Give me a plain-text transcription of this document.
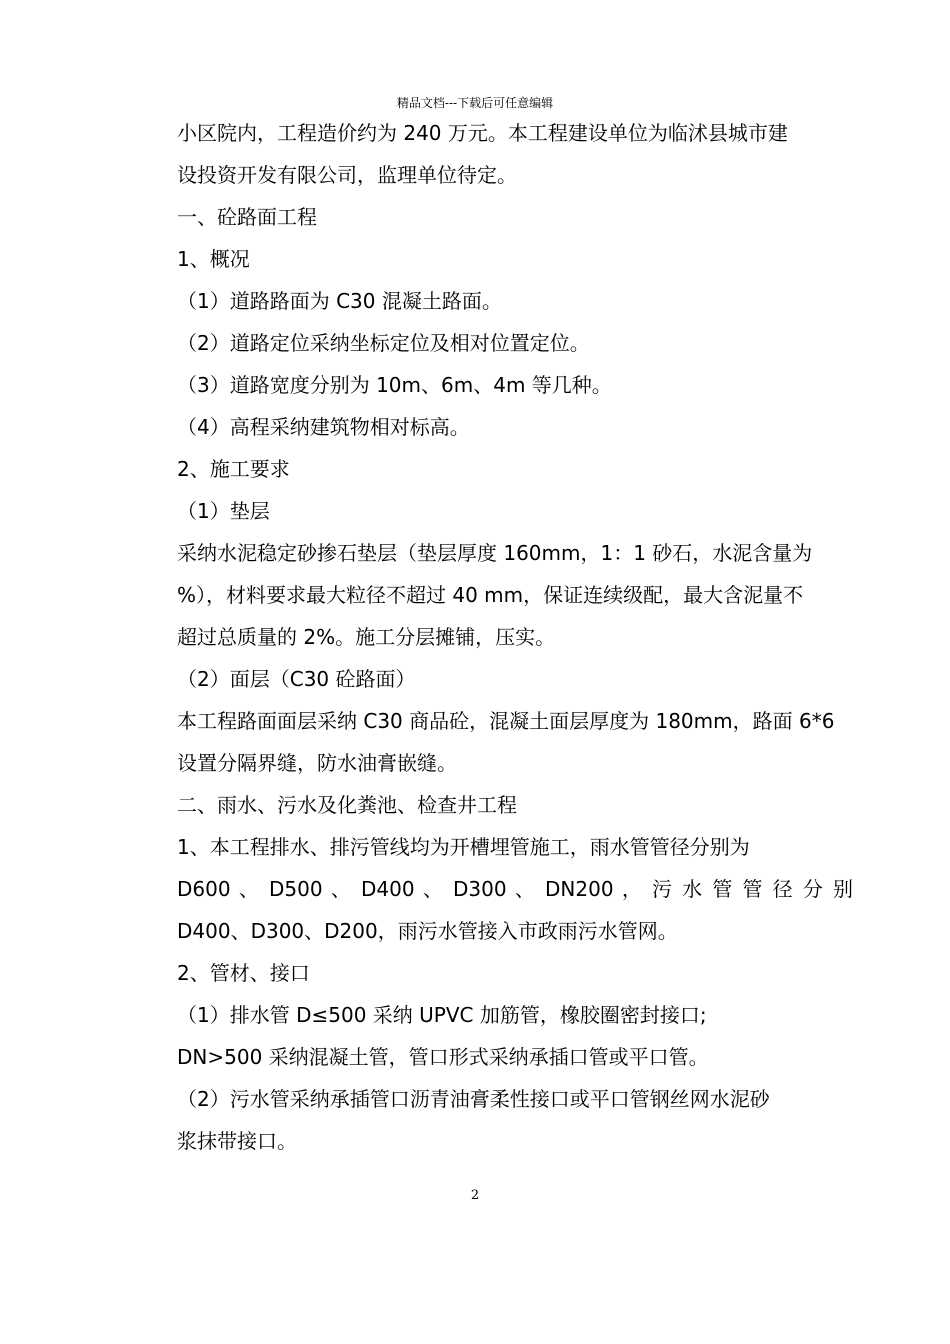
精品文档---下载后可任意编辑
小区院内，工程造价约为 240 万元。本工程建设单位为临沭县城市建
设投资开发有限公司，监理单位待定。
一、砼路面工程
1、概况
（1）道路路面为 C30 混凝土路面。
（2）道路定位采纳坐标定位及相对位置定位。
（3）道路宽度分别为 10m、6m、4m 等几种。
（4）高程采纳建筑物相对标高。
2、施工要求
（1）垫层
采纳水泥稳定砂掺石垫层（垫层厚度 160mm，1：1 砂石，水泥含量为
%），材料要求最大粒径不超过 40 mm，保证连续级配，最大含泥量不
超过总质量的 2%。施工分层摊铺，压实。
（2）面层（C30 砼路面）
本工程路面面层采纳 C30 商品砼，混凝土面层厚度为 180mm，路面 6*6
设置分隔界缝，防水油膏嵌缝。
二、雨水、污水及化粪池、检查井工程
1、本工程排水、排污管线均为开槽埋管施工，雨水管管径分别为
D600 、 D500 、 D400 、 D300 、 DN200 ， 污 水 管 管 径 分 别
D400、D300、D200，雨污水管接入市政雨污水管网。
2、管材、接口
（1）排水管 D≤500 采纳 UPVC 加筋管，橡胶圈密封接口;
DN>500 采纳混凝土管，管口形式采纳承插口管或平口管。
（2）污水管采纳承插管口沥青油膏柔性接口或平口管钢丝网水泥砂
浆抹带接口。
2
